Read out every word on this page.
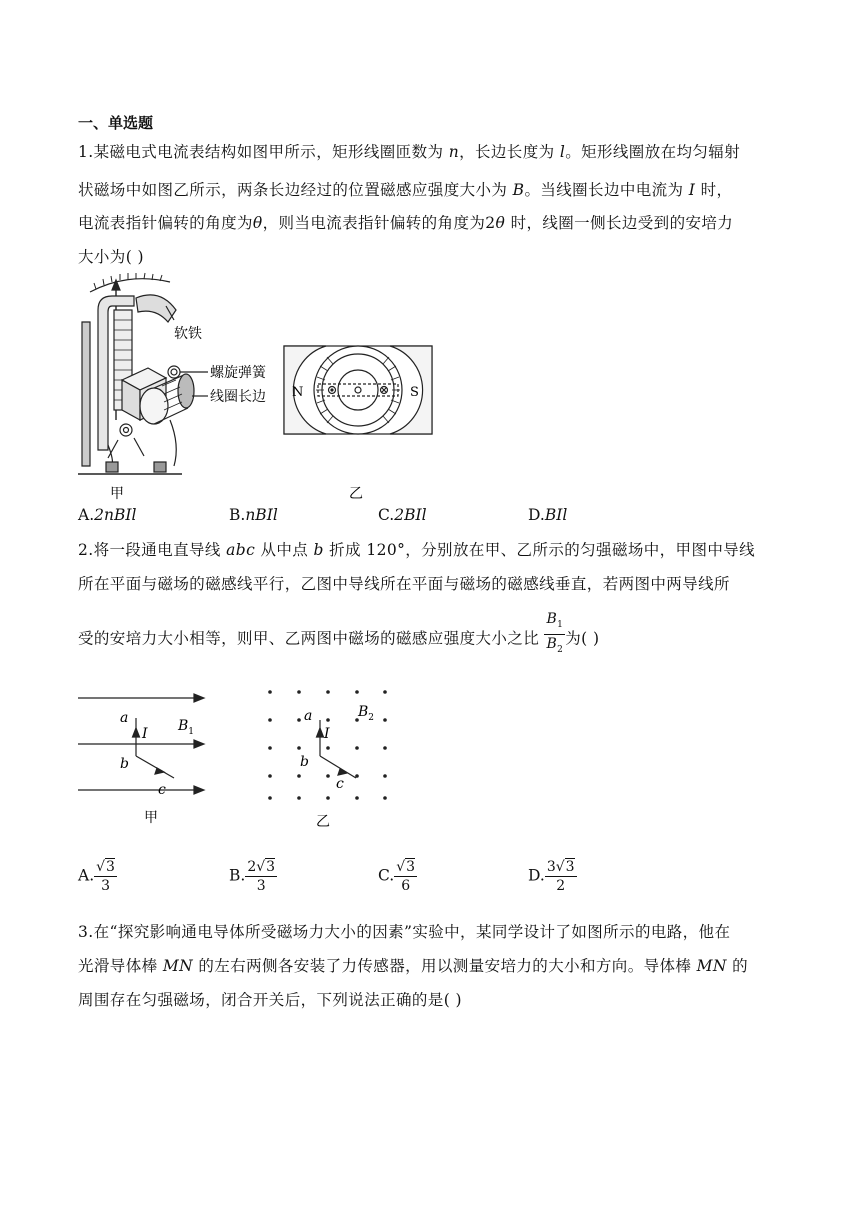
一、单选题
1.某磁电式电流表结构如图甲所示，矩形线圈匝数为 n，长边长度为 l。矩形线圈放在均匀辐射
状磁场中如图乙所示，两条长边经过的位置磁感应强度大小为 B。当线圈长边中电流为 I 时，
电流表指针偏转的角度为θ，则当电流表指针偏转的角度为2θ 时，线圈一侧长边受到的安培力
大小为( )
软铁
螺旋弹簧
线圈长边
甲
N	S
乙
A.2nBIl	B.nBIl	C.2BIl	D.BIl
2.将一段通电直导线 abc 从中点 b 折成 120°，分别放在甲、乙所示的匀强磁场中，甲图中导线
所在平面与磁场的磁感线平行，乙图中导线所在平面与磁场的磁感线垂直，若两图中两导线所
受的安培力大小相等，则甲、乙两图中磁场的磁感应强度大小之比 $\frac{B_1}{B_2}$ 为( )
a
I $B_1$
b
c
甲
a
I
$B_2$
b
c
乙
A. $\frac{√3}{3}$	B. $\frac{2√3}{3}$	C. $\frac{√3}{6}$	D. $\frac{3√3}{2}$
3.在“探究影响通电导体所受磁场力大小的因素”实验中，某同学设计了如图所示的电路，他在
光滑导体棒 MN 的左右两侧各安装了力传感器，用以测量安培力的大小和方向。导体棒 MN 的
周围存在匀强磁场，闭合开关后，下列说法正确的是( )
